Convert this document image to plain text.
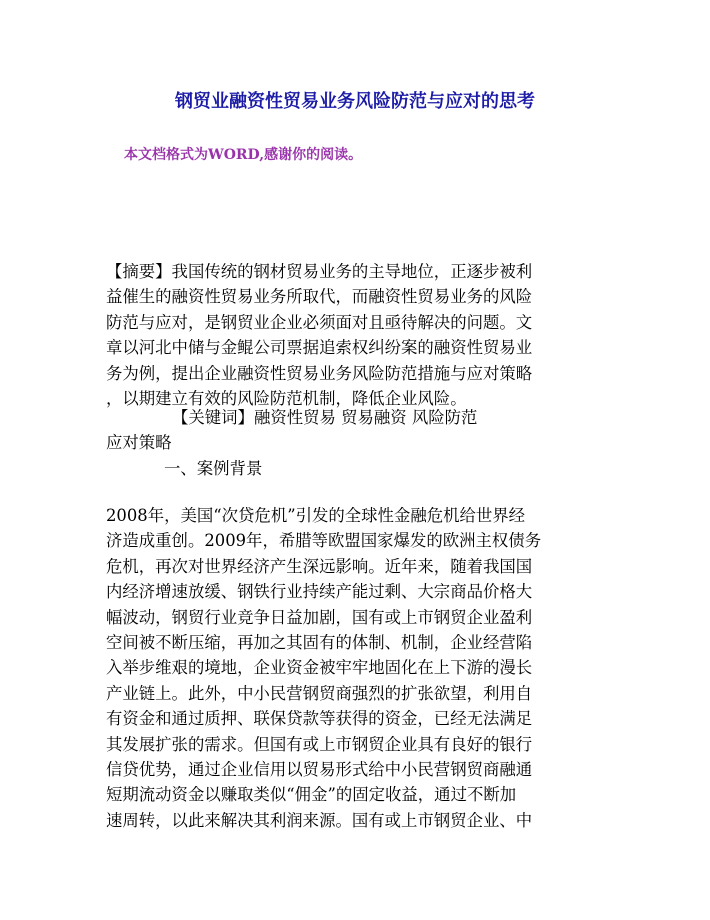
钢贸业融资性贸易业务风险防范与应对的思考
本文档格式为WORD,感谢你的阅读。
【摘要】我国传统的钢材贸易业务的主导地位，正逐步被利
益催生的融资性贸易业务所取代，而融资性贸易业务的风险
防范与应对，是钢贸业企业必须面对且亟待解决的问题。文
章以河北中储与金鲲公司票据追索权纠纷案的融资性贸易业
务为例，提出企业融资性贸易业务风险防范措施与应对策略
，以期建立有效的风险防范机制，降低企业风险。
【关键词】融资性贸易 贸易融资 风险防范
应对策略
一、案例背景
2008年，美国“次贷危机”引发的全球性金融危机给世界经
济造成重创。2009年，希腊等欧盟国家爆发的欧洲主权债务
危机，再次对世界经济产生深远影响。近年来，随着我国国
内经济增速放缓、钢铁行业持续产能过剩、大宗商品价格大
幅波动，钢贸行业竞争日益加剧，国有或上市钢贸企业盈利
空间被不断压缩，再加之其固有的体制、机制，企业经营陷
入举步维艰的境地，企业资金被牢牢地固化在上下游的漫长
产业链上。此外，中小民营钢贸商强烈的扩张欲望，利用自
有资金和通过质押、联保贷款等获得的资金，已经无法满足
其发展扩张的需求。但国有或上市钢贸企业具有良好的银行
信贷优势，通过企业信用以贸易形式给中小民营钢贸商融通
短期流动资金以赚取类似“佣金”的固定收益，通过不断加
速周转，以此来解决其利润来源。国有或上市钢贸企业、中
